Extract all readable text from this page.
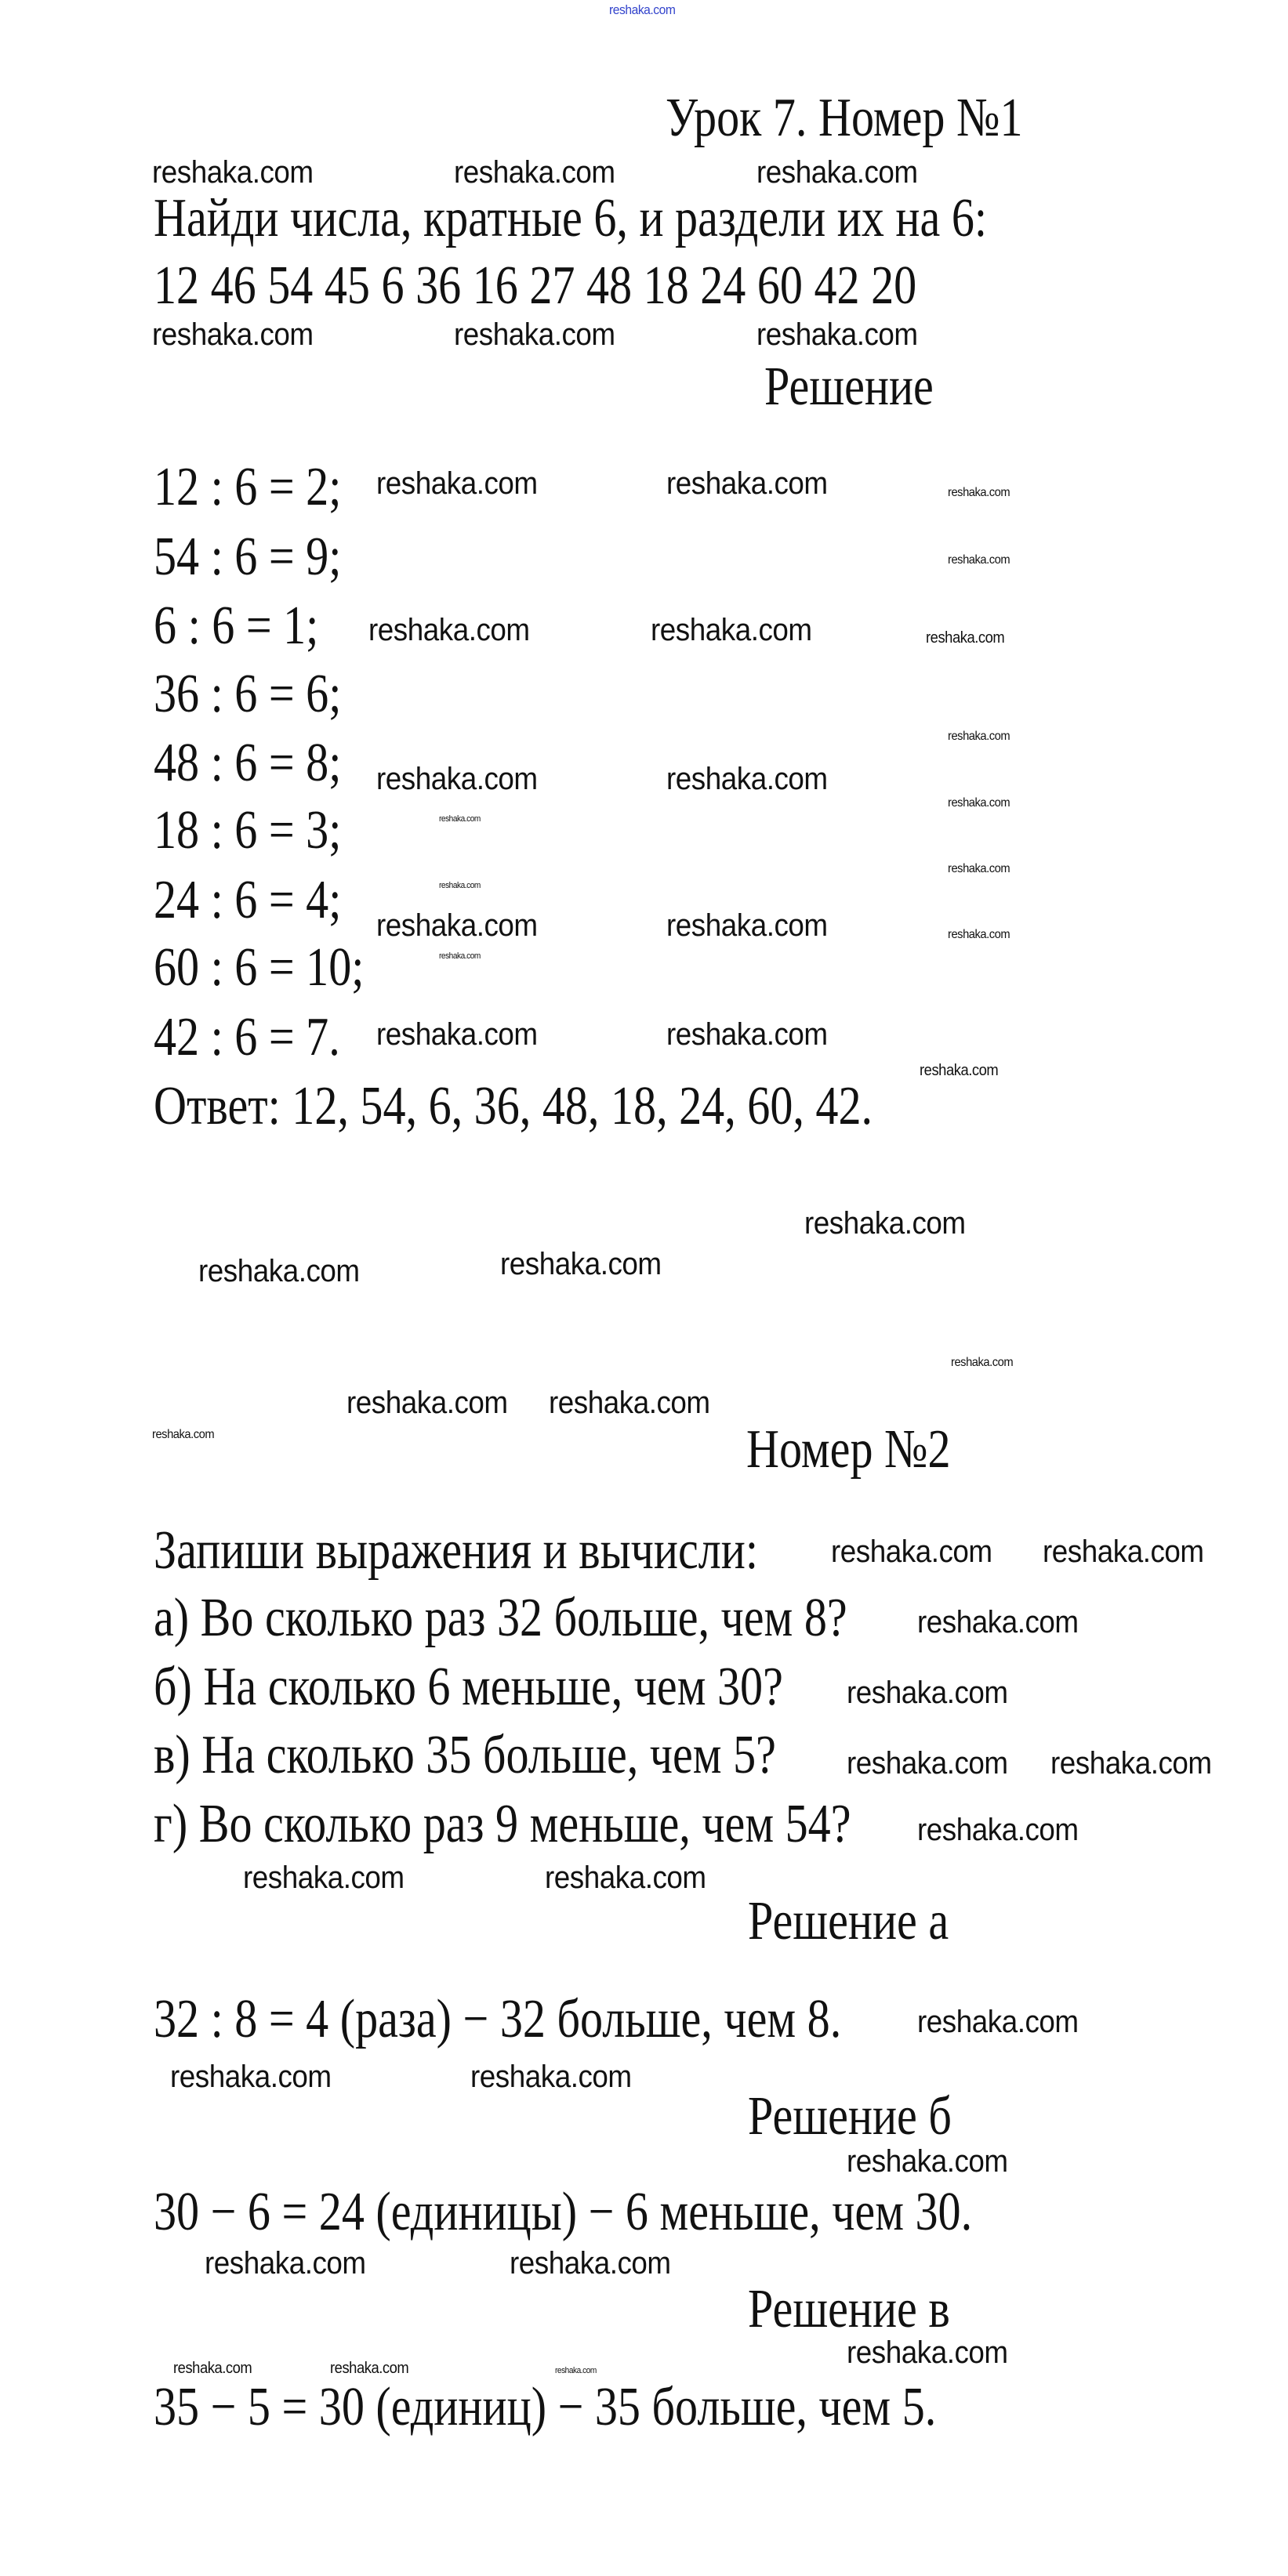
Урок 7. Номер №1
Найди числа, кратные 6, и раздели их на 6:
12 46 54 45 6 36 16 27 48 18 24 60 42 20
Решение
12 : 6 = 2;
54 : 6 = 9;
6 : 6 = 1;
36 : 6 = 6;
48 : 6 = 8;
18 : 6 = 3;
24 : 6 = 4;
60 : 6 = 10;
42 : 6 = 7.
Ответ: 12, 54, 6, 36, 48, 18, 24, 60, 42.
Номер №2
Запиши выражения и вычисли:
а) Во сколько раз 32 больше, чем 8?
б) На сколько 6 меньше, чем 30?
в) На сколько 35 больше, чем 5?
г) Во сколько раз 9 меньше, чем 54?
Решение а
32 : 8 = 4 (раза) − 32 больше, чем 8.
Решение б
30 − 6 = 24 (единицы) − 6 меньше, чем 30.
Решение в
35 − 5 = 30 (единиц) − 35 больше, чем 5.
reshaka.com
reshaka.com	reshaka.com	reshaka.com
reshaka.com	reshaka.com	reshaka.com
reshaka.com	reshaka.com
reshaka.com	reshaka.com
reshaka.com	reshaka.com
reshaka.com	reshaka.com
reshaka.com	reshaka.com
reshaka.com
reshaka.com	reshaka.com
reshaka.com reshaka.com
reshaka.com reshaka.com
reshaka.com
reshaka.com
reshaka.com reshaka.com
reshaka.com
reshaka.com	reshaka.com
reshaka.com
reshaka.com	reshaka.com
reshaka.com
reshaka.com	reshaka.com
reshaka.com
reshaka.com
reshaka.com
reshaka.com
reshaka.com
reshaka.com
reshaka.com
reshaka.com
reshaka.com
reshaka.com
reshaka.com
reshaka.com
reshaka.com
reshaka.com
reshaka.com	reshaka.com	reshaka.com
